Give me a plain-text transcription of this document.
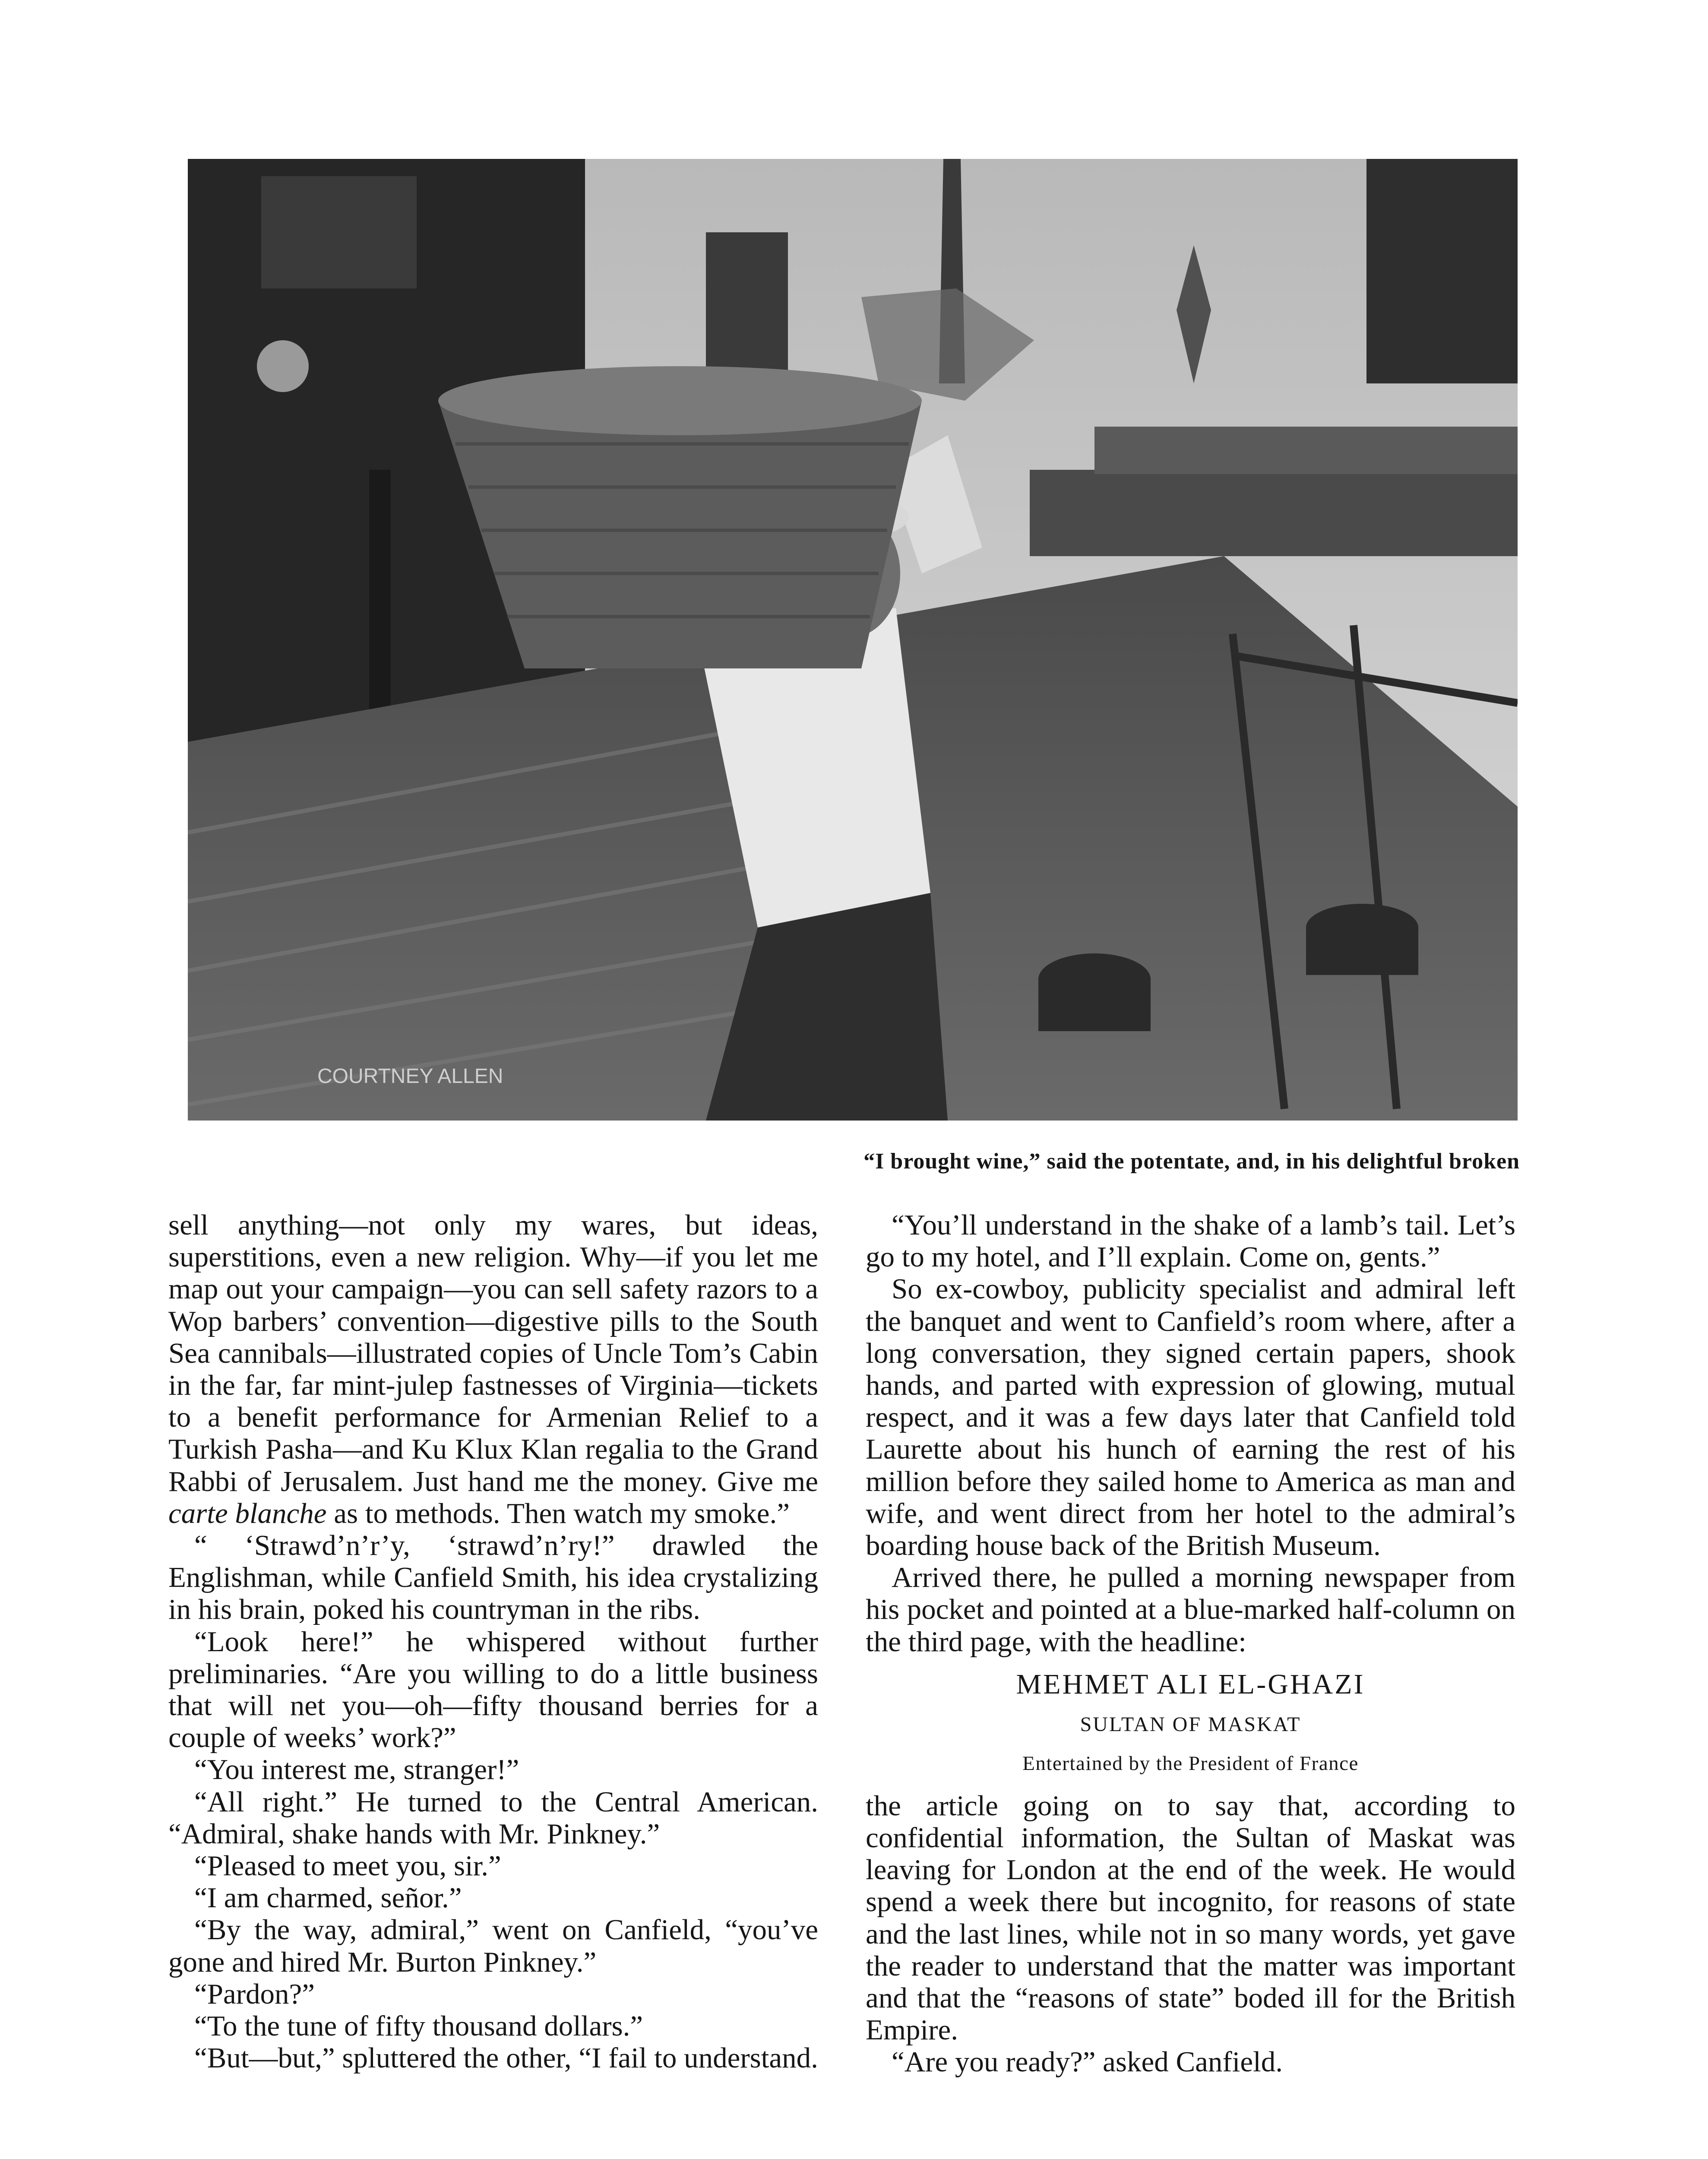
COURTNEY ALLEN
“I brought wine,” said the potentate, and, in his delightful broken

sell anything—not only my wares, but ideas, superstitions, even a new religion. Why—if you let me map out your campaign—you can sell safety razors to a Wop barbers’ convention—digestive pills to the South Sea cannibals—illustrated copies of Uncle Tom’s Cabin in the far, far mint-julep fastnesses of Virginia—tickets to a benefit performance for Armenian Relief to a Turkish Pasha—and Ku Klux Klan regalia to the Grand Rabbi of Jerusalem. Just hand me the money. Give me carte blanche as to methods. Then watch my smoke.”

“ ‘Strawd’n’r’y, ‘strawd’n’ry!” drawled the Englishman, while Canfield Smith, his idea crystalizing in his brain, poked his countryman in the ribs.

“Look here!” he whispered without further preliminaries. “Are you willing to do a little business that will net you—oh—fifty thousand berries for a couple of weeks’ work?”

“You interest me, stranger!”

“All right.” He turned to the Central American. “Admiral, shake hands with Mr. Pinkney.”

“Pleased to meet you, sir.”

“I am charmed, señor.”

“By the way, admiral,” went on Canfield, “you’ve gone and hired Mr. Burton Pinkney.”

“Pardon?”

“To the tune of fifty thousand dollars.”

“But—but,” spluttered the other, “I fail to understand.

“You’ll understand in the shake of a lamb’s tail. Let’s go to my hotel, and I’ll explain. Come on, gents.”

So ex-cowboy, publicity specialist and admiral left the banquet and went to Canfield’s room where, after a long conversation, they signed certain papers, shook hands, and parted with expression of glowing, mutual respect, and it was a few days later that Canfield told Laurette about his hunch of earning the rest of his million before they sailed home to America as man and wife, and went direct from her hotel to the admiral’s boarding house back of the British Museum.

Arrived there, he pulled a morning newspaper from his pocket and pointed at a blue-marked half-column on the third page, with the headline:

MEHMET ALI EL-GHAZI
SULTAN OF MASKAT
Entertained by the President of France

the article going on to say that, according to confidential information, the Sultan of Maskat was leaving for London at the end of the week. He would spend a week there but incognito, for reasons of state and the last lines, while not in so many words, yet gave the reader to understand that the matter was important and that the “reasons of state” boded ill for the British Empire.

“Are you ready?” asked Canfield.
